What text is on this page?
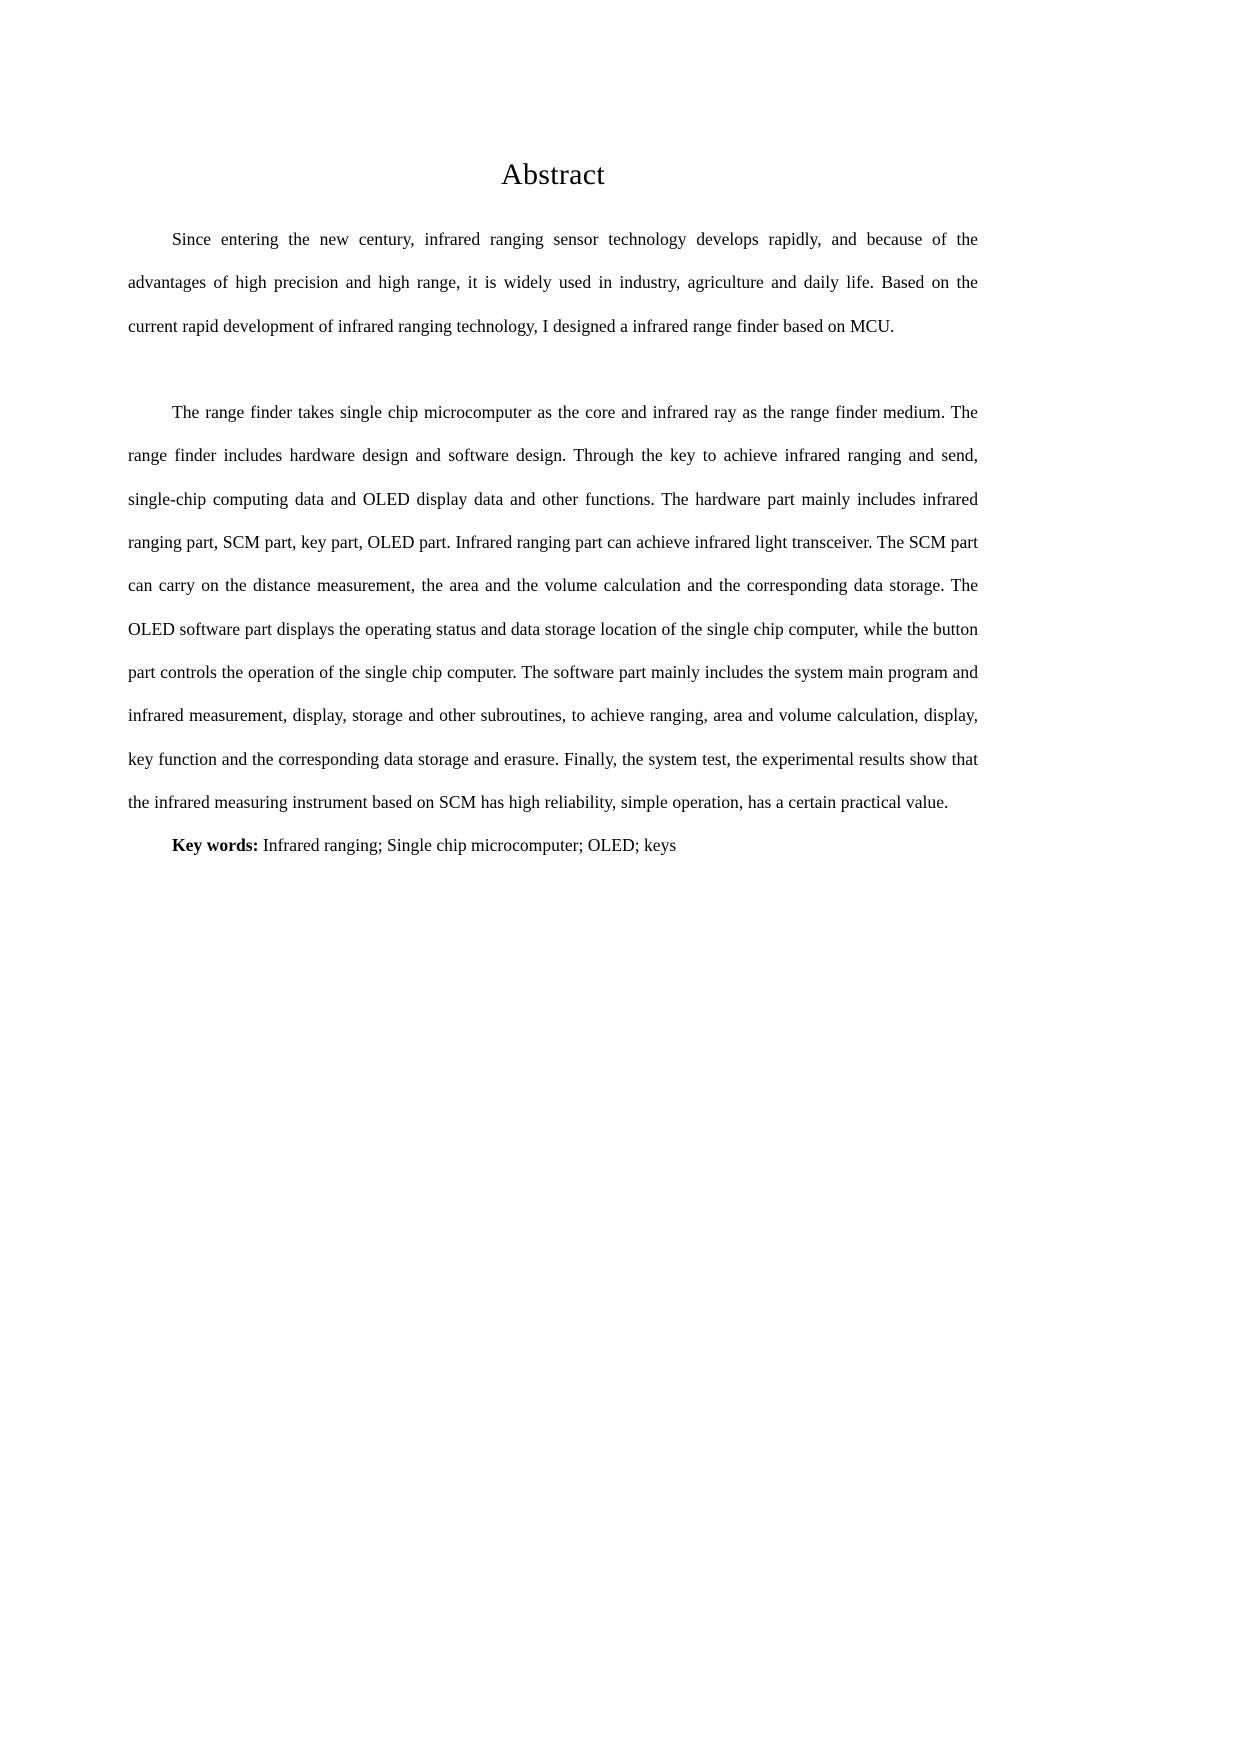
Abstract

Since entering the new century, infrared ranging sensor technology develops rapidly, and because of the advantages of high precision and high range, it is widely used in industry, agriculture and daily life. Based on the current rapid development of infrared ranging technology, I designed a infrared range finder based on MCU.

The range finder takes single chip microcomputer as the core and infrared ray as the range finder medium. The range finder includes hardware design and software design. Through the key to achieve infrared ranging and send, single-chip computing data and OLED display data and other functions. The hardware part mainly includes infrared ranging part, SCM part, key part, OLED part. Infrared ranging part can achieve infrared light transceiver. The SCM part can carry on the distance measurement, the area and the volume calculation and the corresponding data storage. The OLED software part displays the operating status and data storage location of the single chip computer, while the button part controls the operation of the single chip computer. The software part mainly includes the system main program and infrared measurement, display, storage and other subroutines, to achieve ranging, area and volume calculation, display, key function and the corresponding data storage and erasure. Finally, the system test, the experimental results show that the infrared measuring instrument based on SCM has high reliability, simple operation, has a certain practical value.

Key words: Infrared ranging; Single chip microcomputer; OLED; keys
